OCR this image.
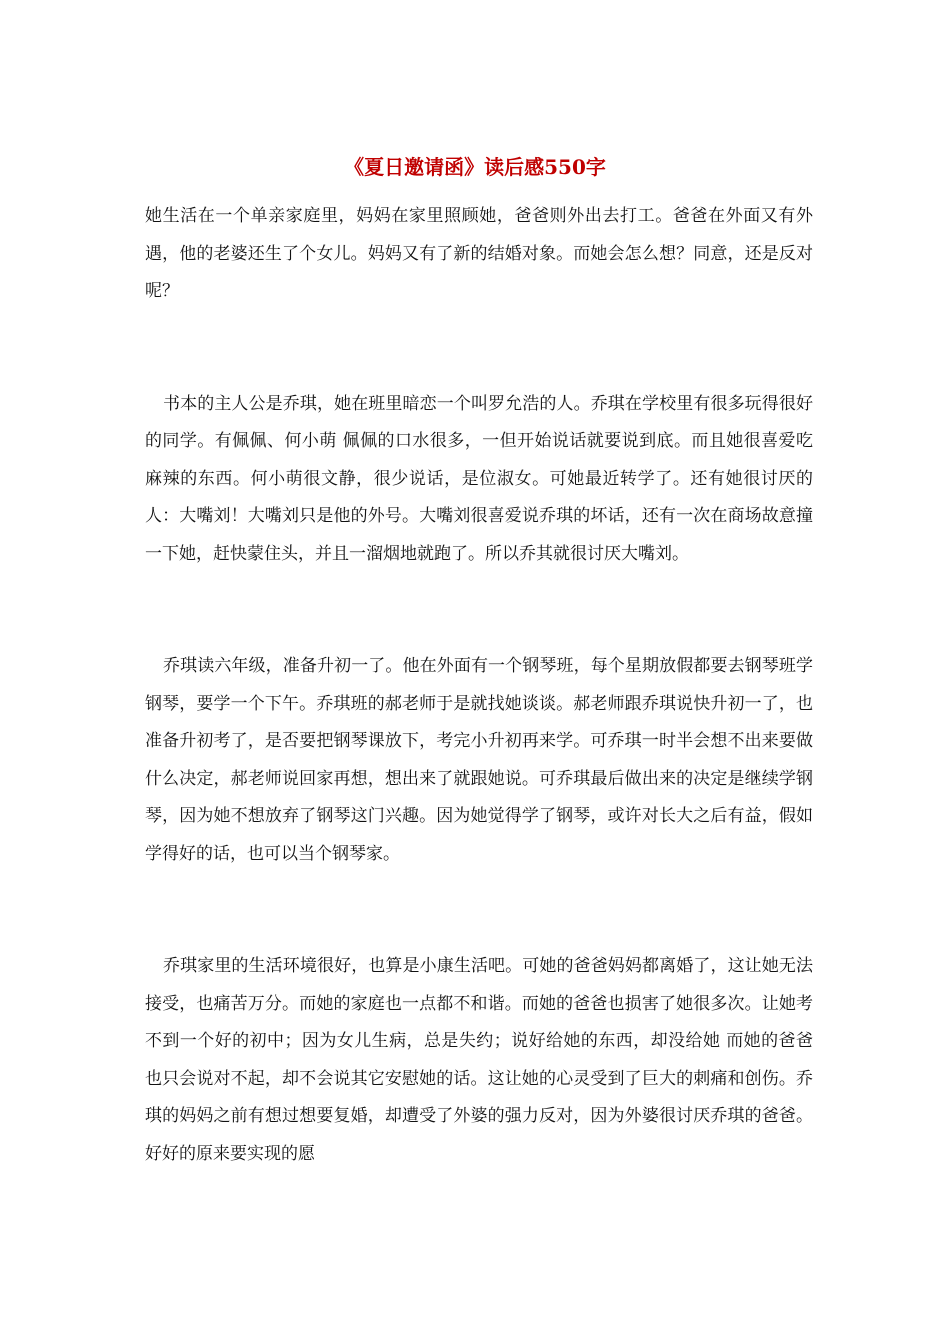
《夏日邀请函》读后感550字

她生活在一个单亲家庭里，妈妈在家里照顾她，爸爸则外出去打工。爸爸在外面又有外遇，他的老婆还生了个女儿。妈妈又有了新的结婚对象。而她会怎么想？同意，还是反对呢？

书本的主人公是乔琪，她在班里暗恋一个叫罗允浩的人。乔琪在学校里有很多玩得很好的同学。有佩佩、何小萌 佩佩的口水很多，一但开始说话就要说到底。而且她很喜爱吃麻辣的东西。何小萌很文静，很少说话，是位淑女。可她最近转学了。还有她很讨厌的人：大嘴刘！大嘴刘只是他的外号。大嘴刘很喜爱说乔琪的坏话，还有一次在商场故意撞一下她，赶快蒙住头，并且一溜烟地就跑了。所以乔其就很讨厌大嘴刘。

乔琪读六年级，准备升初一了。他在外面有一个钢琴班，每个星期放假都要去钢琴班学钢琴，要学一个下午。乔琪班的郝老师于是就找她谈谈。郝老师跟乔琪说快升初一了，也准备升初考了，是否要把钢琴课放下，考完小升初再来学。可乔琪一时半会想不出来要做什么决定，郝老师说回家再想，想出来了就跟她说。可乔琪最后做出来的决定是继续学钢琴，因为她不想放弃了钢琴这门兴趣。因为她觉得学了钢琴，或许对长大之后有益，假如学得好的话，也可以当个钢琴家。

乔琪家里的生活环境很好，也算是小康生活吧。可她的爸爸妈妈都离婚了，这让她无法接受，也痛苦万分。而她的家庭也一点都不和谐。而她的爸爸也损害了她很多次。让她考不到一个好的初中；因为女儿生病，总是失约；说好给她的东西，却没给她 而她的爸爸也只会说对不起，却不会说其它安慰她的话。这让她的心灵受到了巨大的刺痛和创伤。乔琪的妈妈之前有想过想要复婚，却遭受了外婆的强力反对，因为外婆很讨厌乔琪的爸爸。好好的原来要实现的愿
